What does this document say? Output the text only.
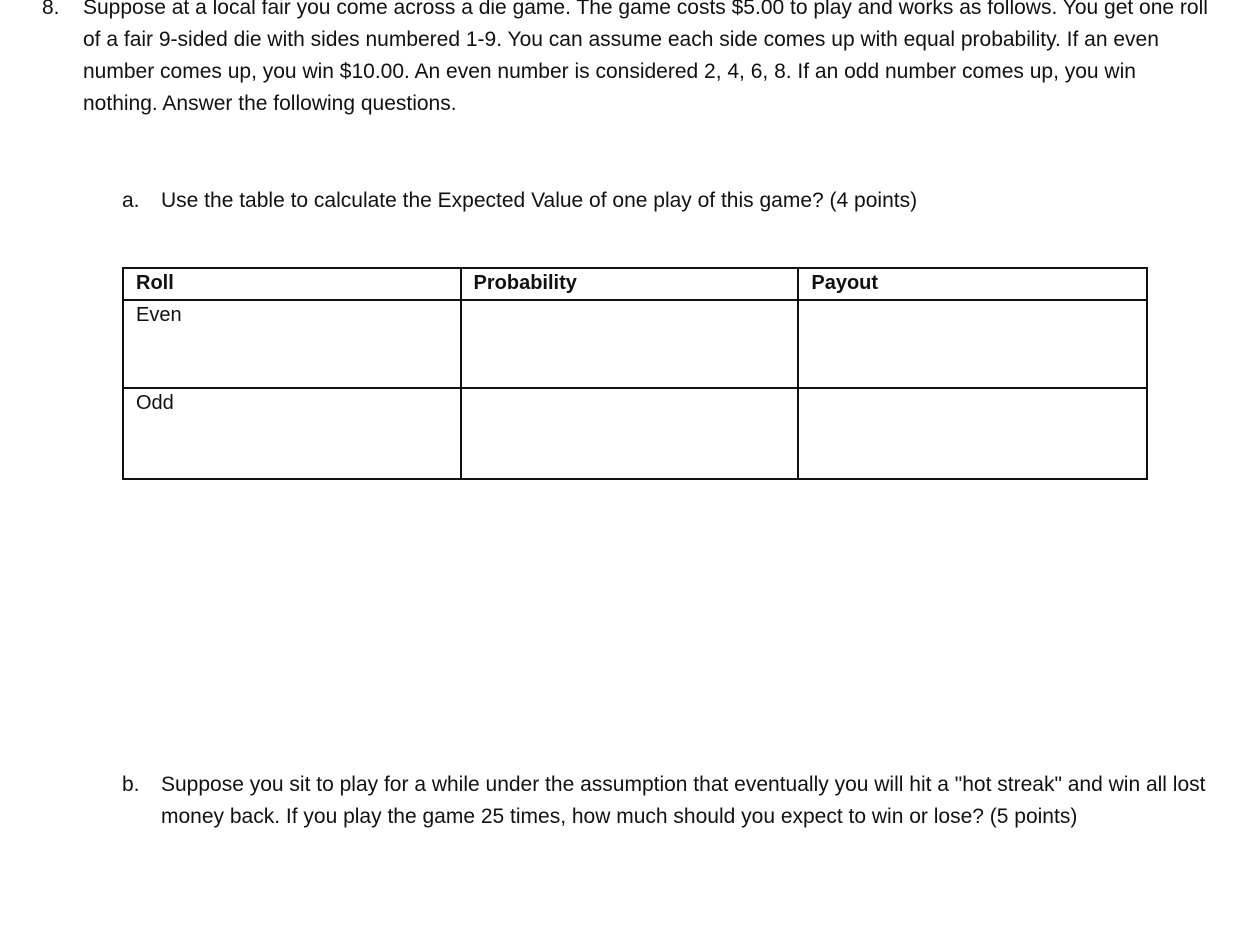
8. Suppose at a local fair you come across a die game. The game costs $5.00 to play and works as follows. You get one roll of a fair 9-sided die with sides numbered 1-9. You can assume each side comes up with equal probability. If an even number comes up, you win $10.00. An even number is considered 2, 4, 6, 8. If an odd number comes up, you win nothing. Answer the following questions.
a. Use the table to calculate the Expected Value of one play of this game? (4 points)
Roll	Probability	Payout
Even		
Odd		
b. Suppose you sit to play for a while under the assumption that eventually you will hit a "hot streak" and win all lost money back. If you play the game 25 times, how much should you expect to win or lose? (5 points)
